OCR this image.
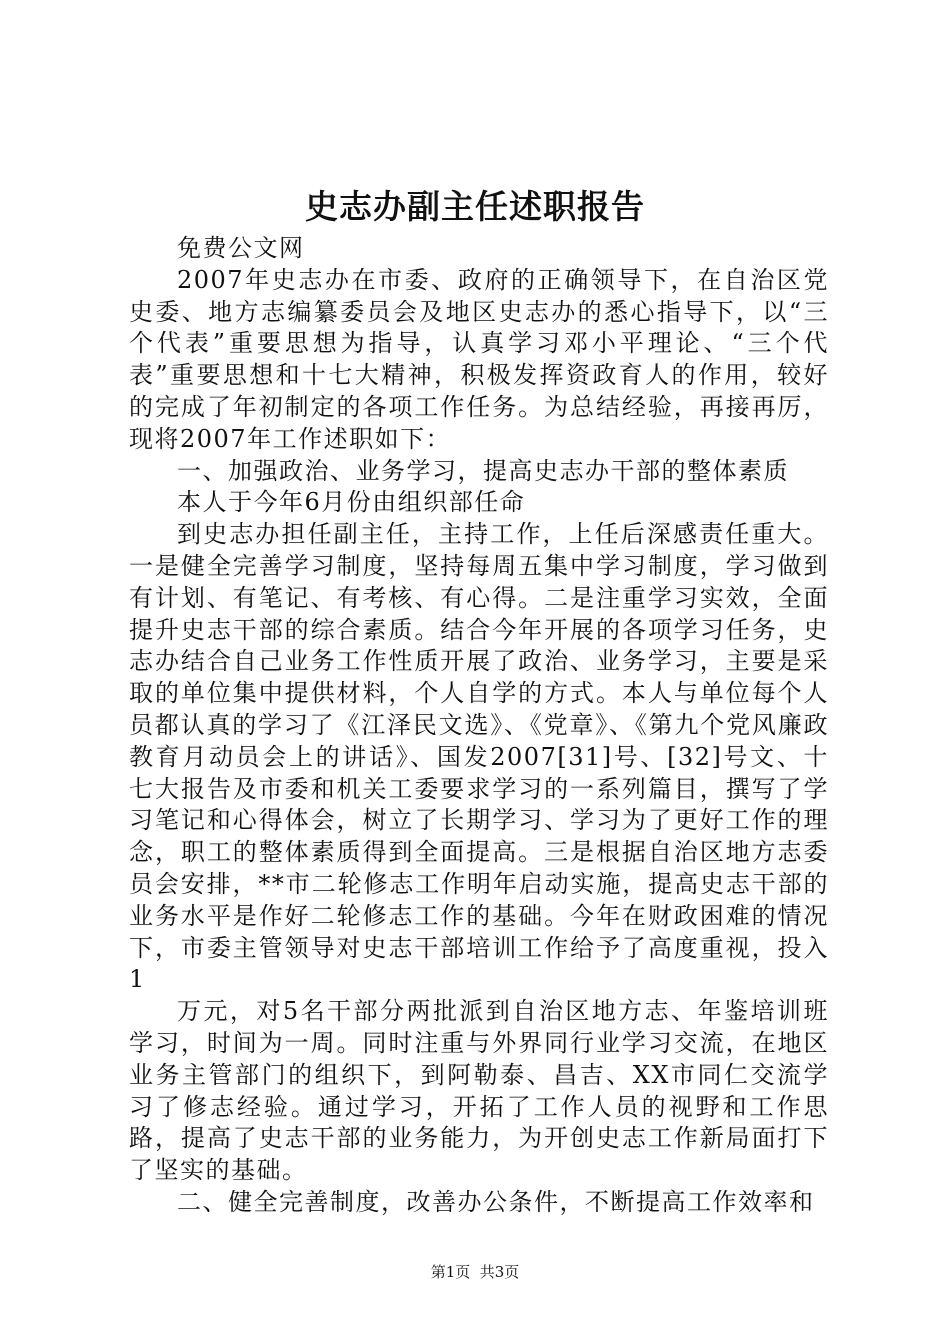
史志办副主任述职报告

免费公文网

2007年史志办在市委、政府的正确领导下，在自治区党史委、地方志编纂委员会及地区史志办的悉心指导下，以“三个代表”重要思想为指导，认真学习邓小平理论、“三个代表”重要思想和十七大精神，积极发挥资政育人的作用，较好的完成了年初制定的各项工作任务。为总结经验，再接再厉，现将2007年工作述职如下：

一、加强政治、业务学习，提高史志办干部的整体素质

本人于今年6月份由组织部任命

到史志办担任副主任，主持工作，上任后深感责任重大。一是健全完善学习制度，坚持每周五集中学习制度，学习做到有计划、有笔记、有考核、有心得。二是注重学习实效，全面提升史志干部的综合素质。结合今年开展的各项学习任务，史志办结合自己业务工作性质开展了政治、业务学习，主要是采取的单位集中提供材料，个人自学的方式。本人与单位每个人员都认真的学习了《江泽民文选》、《党章》、《第九个党风廉政教育月动员会上的讲话》、国发2007[31]号、[32]号文、十七大报告及市委和机关工委要求学习的一系列篇目，撰写了学习笔记和心得体会，树立了长期学习、学习为了更好工作的理念，职工的整体素质得到全面提高。三是根据自治区地方志委员会安排，**市二轮修志工作明年启动实施，提高史志干部的业务水平是作好二轮修志工作的基础。今年在财政困难的情况下，市委主管领导对史志干部培训工作给予了高度重视，投入1

万元，对5名干部分两批派到自治区地方志、年鉴培训班学习，时间为一周。同时注重与外界同行业学习交流，在地区业务主管部门的组织下，到阿勒泰、昌吉、XX市同仁交流学习了修志经验。通过学习，开拓了工作人员的视野和工作思路，提高了史志干部的业务能力，为开创史志工作新局面打下了坚实的基础。

二、健全完善制度，改善办公条件，不断提高工作效率和

第1页  共3页
